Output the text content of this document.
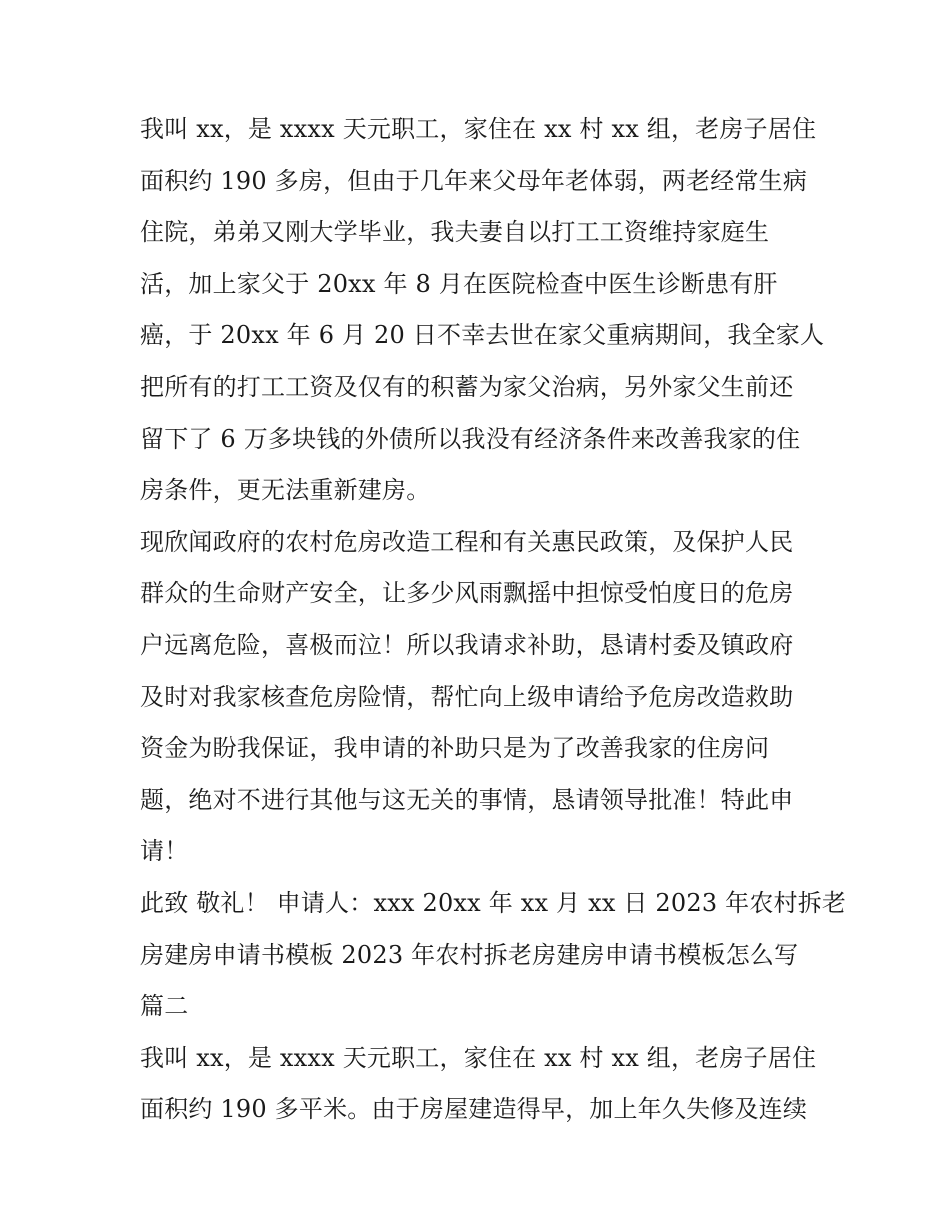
我叫 xx，是 xxxx 天元职工，家住在 xx 村 xx 组，老房子居住
面积约 190 多房，但由于几年来父母年老体弱，两老经常生病
住院，弟弟又刚大学毕业，我夫妻自以打工工资维持家庭生
活，加上家父于 20xx 年 8 月在医院检查中医生诊断患有肝
癌，于 20xx 年 6 月 20 日不幸去世在家父重病期间，我全家人
把所有的打工工资及仅有的积蓄为家父治病，另外家父生前还
留下了 6 万多块钱的外债所以我没有经济条件来改善我家的住
房条件，更无法重新建房。
现欣闻政府的农村危房改造工程和有关惠民政策，及保护人民
群众的生命财产安全，让多少风雨飘摇中担惊受怕度日的危房
户远离危险，喜极而泣！所以我请求补助，恳请村委及镇政府
及时对我家核查危房险情，帮忙向上级申请给予危房改造救助
资金为盼我保证，我申请的补助只是为了改善我家的住房问
题，绝对不进行其他与这无关的事情，恳请领导批准！特此申
请！
此致 敬礼！ 申请人：xxx 20xx 年 xx 月 xx 日 2023 年农村拆老
房建房申请书模板 2023 年农村拆老房建房申请书模板怎么写
篇二
我叫 xx，是 xxxx 天元职工，家住在 xx 村 xx 组，老房子居住
面积约 190 多平米。由于房屋建造得早，加上年久失修及连续
